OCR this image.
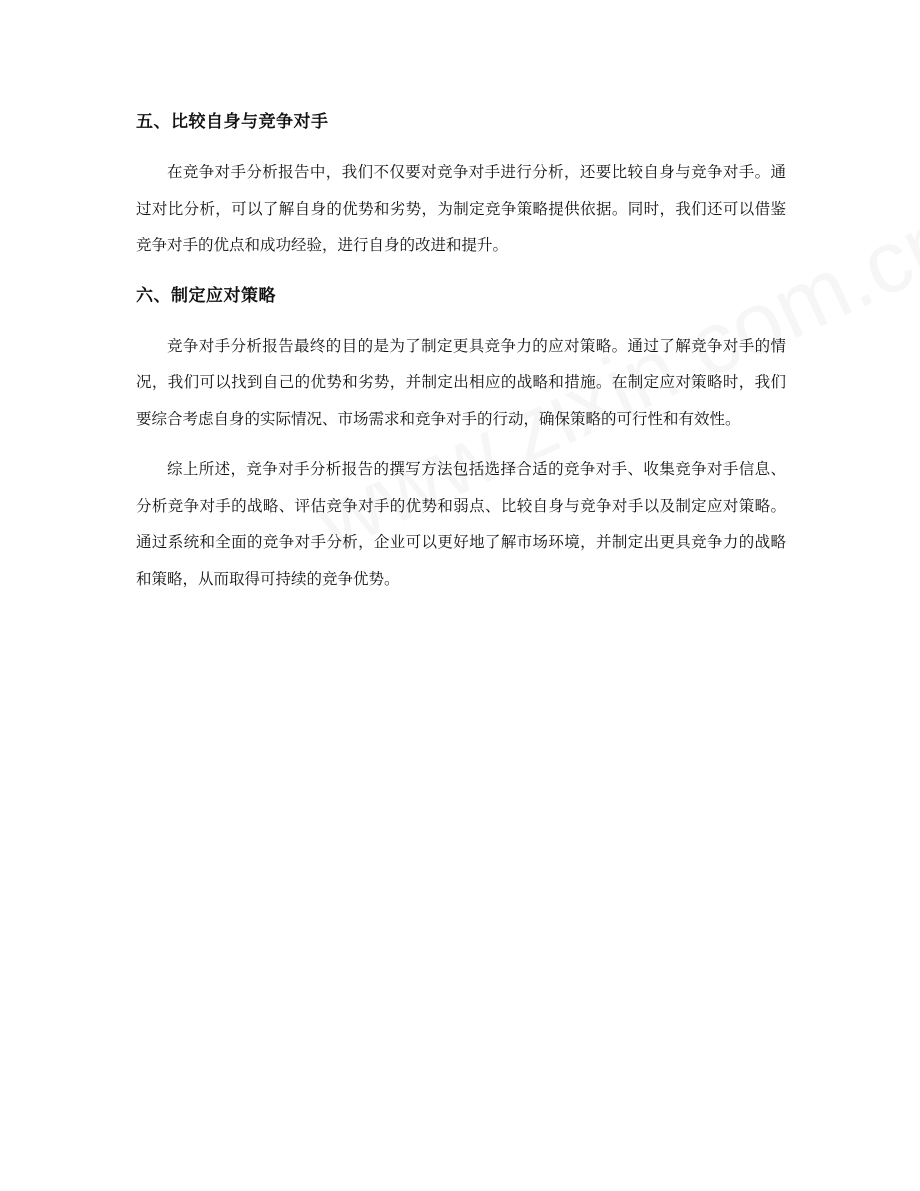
五、比较自身与竞争对手

在竞争对手分析报告中，我们不仅要对竞争对手进行分析，还要比较自身与竞争对手。通过对比分析，可以了解自身的优势和劣势，为制定竞争策略提供依据。同时，我们还可以借鉴竞争对手的优点和成功经验，进行自身的改进和提升。

六、制定应对策略

竞争对手分析报告最终的目的是为了制定更具竞争力的应对策略。通过了解竞争对手的情况，我们可以找到自己的优势和劣势，并制定出相应的战略和措施。在制定应对策略时，我们要综合考虑自身的实际情况、市场需求和竞争对手的行动，确保策略的可行性和有效性。

综上所述，竞争对手分析报告的撰写方法包括选择合适的竞争对手、收集竞争对手信息、分析竞争对手的战略、评估竞争对手的优势和弱点、比较自身与竞争对手以及制定应对策略。通过系统和全面的竞争对手分析，企业可以更好地了解市场环境，并制定出更具竞争力的战略和策略，从而取得可持续的竞争优势。
